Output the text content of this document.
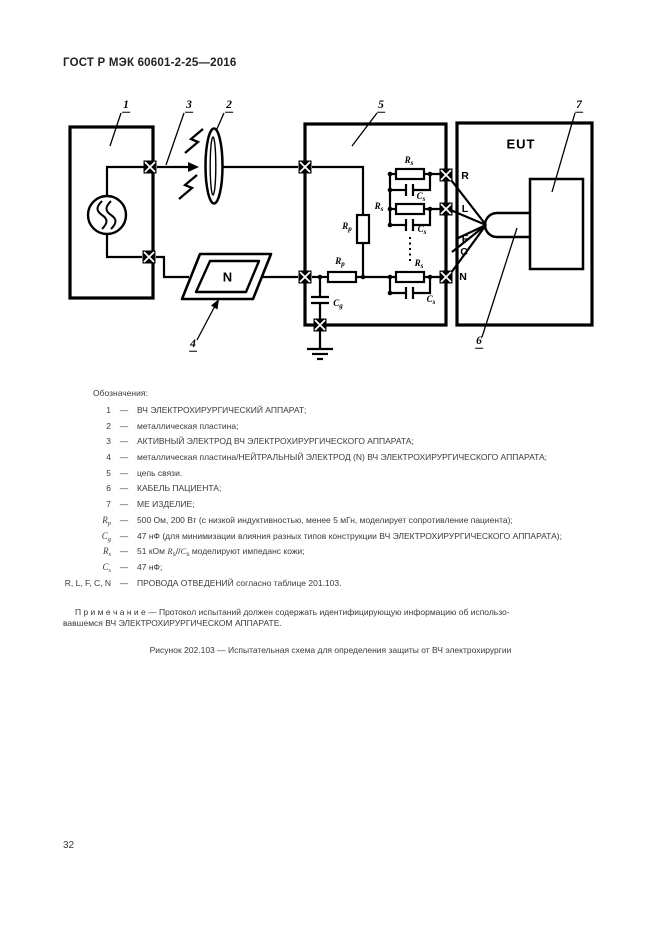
ГОСТ Р МЭК 60601-2-25—2016
1	2
3
4
5
6
7
EUT
N
R
L
F
C
N
$R_p$
$R_p$
$C_g$
$R_s$
$R_s$
$R_s$
$C_s$
$C_s$
$C_s$
Обозначения:
1	—	ВЧ ЭЛЕКТРОХИРУРГИЧЕСКИЙ АППАРАТ;
2	—	металлическая пластина;
3	—	АКТИВНЫЙ ЭЛЕКТРОД ВЧ ЭЛЕКТРОХИРУРГИЧЕСКОГО АППАРАТА;
4	—	металлическая пластина/НЕЙТРАЛЬНЫЙ ЭЛЕКТРОД (N) ВЧ ЭЛЕКТРОХИРУРГИЧЕСКОГО АППАРАТА;
5	—	цепь связи.
6	—	КАБЕЛЬ ПАЦИЕНТА;
7	—	МЕ ИЗДЕЛИЕ;
$R_p$	—	500 Ом, 200 Вт (с низкой индуктивностью, менее 5 мГн, моделирует сопротивление пациента);
$C_g$	—	47 нФ (для минимизации влияния разных типов конструкции ВЧ ЭЛЕКТРОХИРУРГИЧЕСКОГО АППАРАТА);
$R_s$	—	51 кОм $R_s//C_s$ моделируют импеданс кожи;
$C_s$	—	47 нФ;
R, L, F, C, N	—	ПРОВОДА ОТВЕДЕНИЙ согласно таблице 201.103.
П р и м е ч а н и е — Протокол испытаний должен содержать идентифицирующую информацию об использо-
вавшемся ВЧ ЭЛЕКТРОХИРУРГИЧЕСКОМ АППАРАТЕ.
Рисунок 202.103 — Испытательная схема для определения защиты от ВЧ электрохирургии
32
